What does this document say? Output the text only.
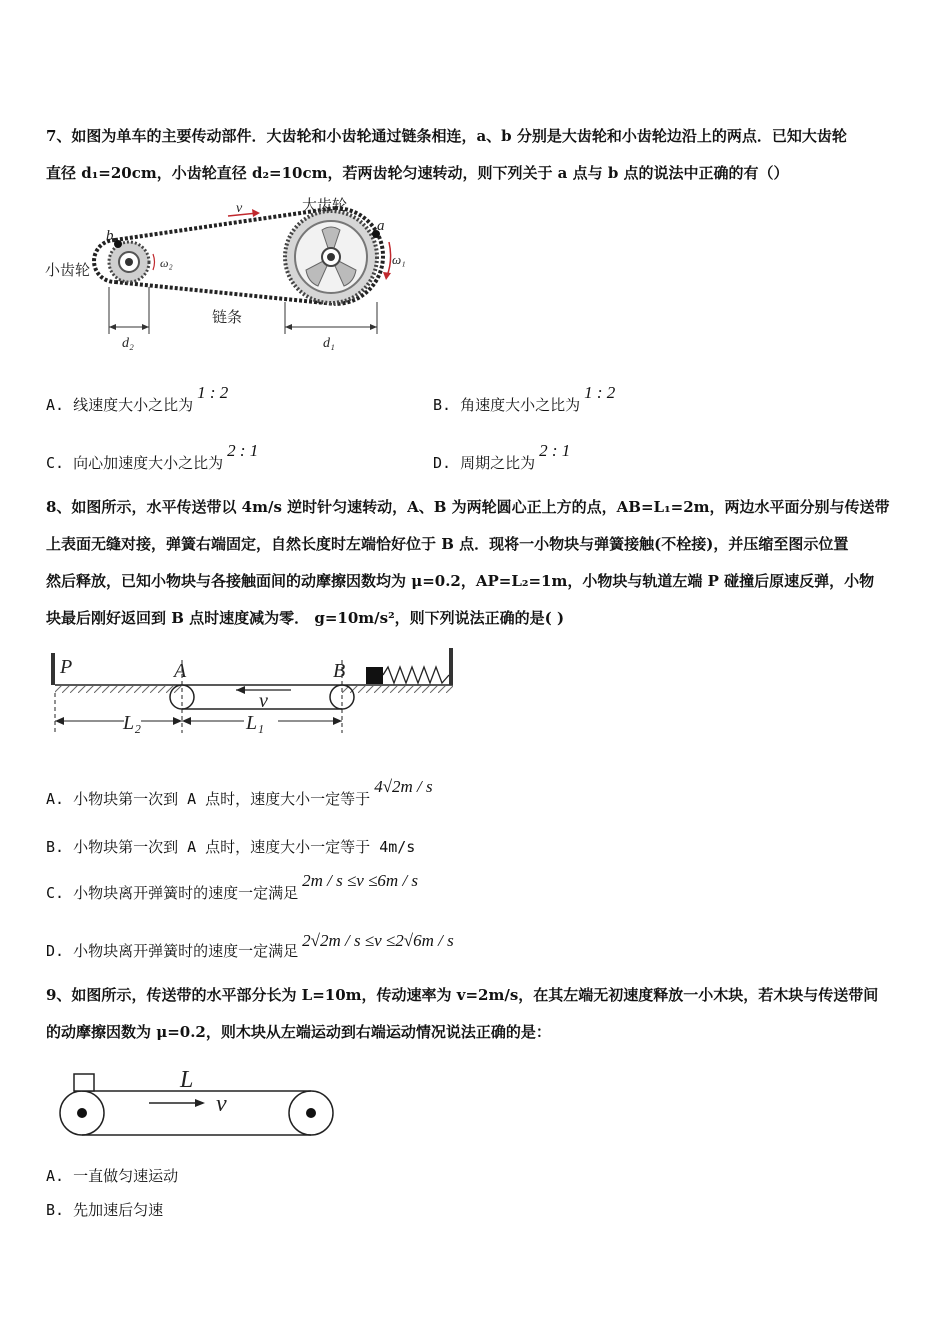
7、如图为单车的主要传动部件．大齿轮和小齿轮通过链条相连，a、b 分别是大齿轮和小齿轮边沿上的两点．已知大齿轮
直径 d₁=20cm，小齿轮直径 d₂=10cm，若两齿轮匀速转动，则下列关于 a 点与 b 点的说法中正确的有（）
小齿轮
大齿轮
链条
v
a
b
ω₁
ω₂
d₂	d₁
A. 线速度大小之比为1 : 2
B. 角速度大小之比为1 : 2
C. 向心加速度大小之比为2 : 1
D. 周期之比为2 : 1
8、如图所示，水平传送带以 4m/s 逆时针匀速转动，A、B 为两轮圆心正上方的点，AB=L₁=2m，两边水平面分别与传送带
上表面无缝对接，弹簧右端固定，自然长度时左端恰好位于 B 点．现将一小物块与弹簧接触(不栓接)，并压缩至图示位置
然后释放，已知小物块与各接触面间的动摩擦因数均为 μ=0.2，AP=L₂=1m，小物块与轨道左端 P 碰撞后原速反弹，小物
块最后刚好返回到 B 点时速度减为零． g=10m/s²，则下列说法正确的是( )
P	A	B
v
L₂	L₁
A. 小物块第一次到 A 点时，速度大小一定等于4√2m / s
B. 小物块第一次到 A 点时，速度大小一定等于 4m/s
C. 小物块离开弹簧时的速度一定满足2m / s ≤v ≤6m / s
D. 小物块离开弹簧时的速度一定满足2√2m / s ≤v ≤2√6m / s
9、如图所示，传送带的水平部分长为 L=10m，传动速率为 v=2m/s，在其左端无初速度释放一小木块，若木块与传送带间
的动摩擦因数为 μ=0.2，则木块从左端运动到右端运动情况说法正确的是：
L
v
A. 一直做匀速运动
B. 先加速后匀速
